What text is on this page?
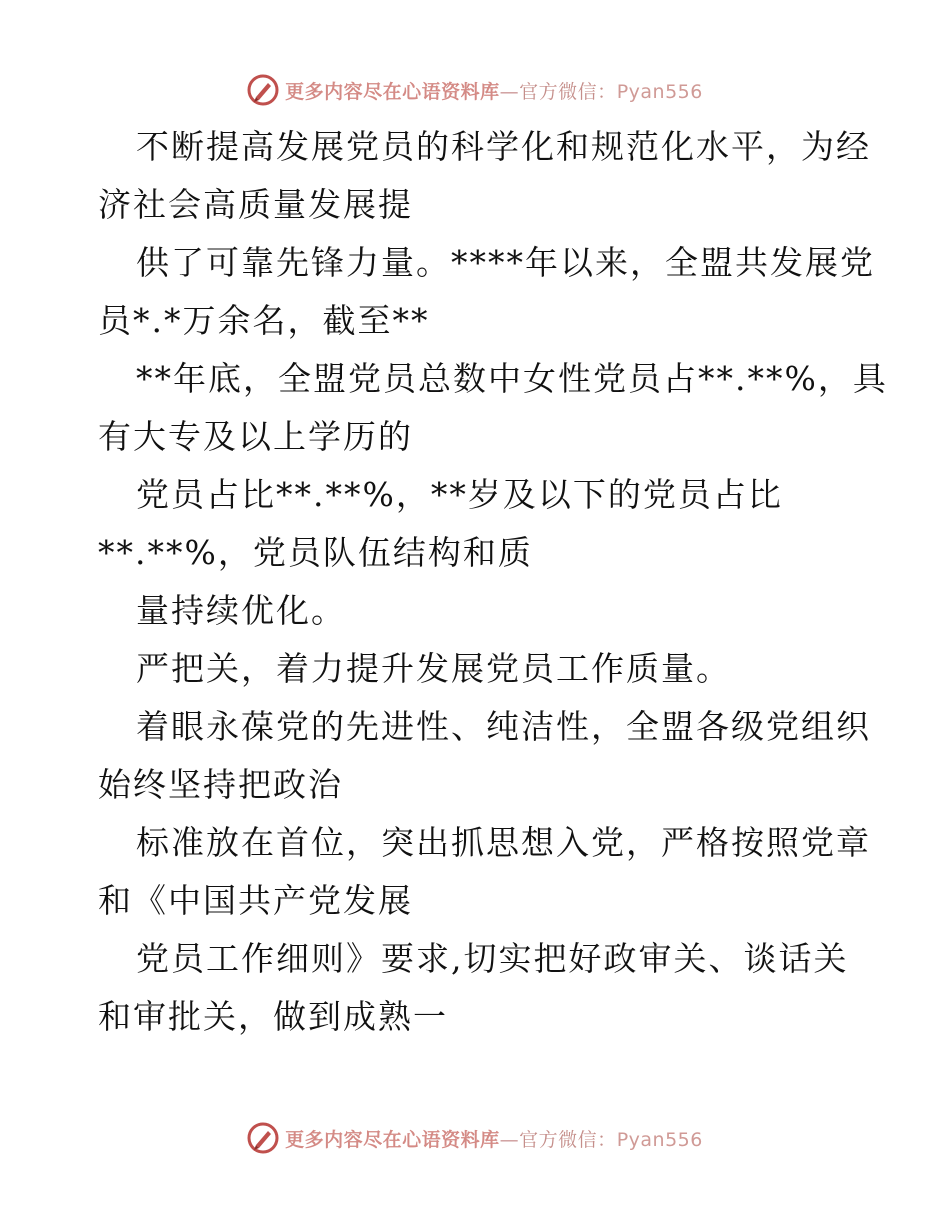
更多内容尽在心语资料库—官方微信：Pyan556
不断提高发展党员的科学化和规范化水平，为经
济社会高质量发展提
供了可靠先锋力量。****年以来，全盟共发展党
员*.*万余名，截至**
**年底，全盟党员总数中女性党员占**.**%，具
有大专及以上学历的
党员占比**.**%，**岁及以下的党员占比
**.**%，党员队伍结构和质
量持续优化。
严把关，着力提升发展党员工作质量。
着眼永葆党的先进性、纯洁性，全盟各级党组织
始终坚持把政治
标准放在首位，突出抓思想入党，严格按照党章
和《中国共产党发展
党员工作细则》要求,切实把好政审关、谈话关
和审批关，做到成熟一
更多内容尽在心语资料库—官方微信：Pyan556
